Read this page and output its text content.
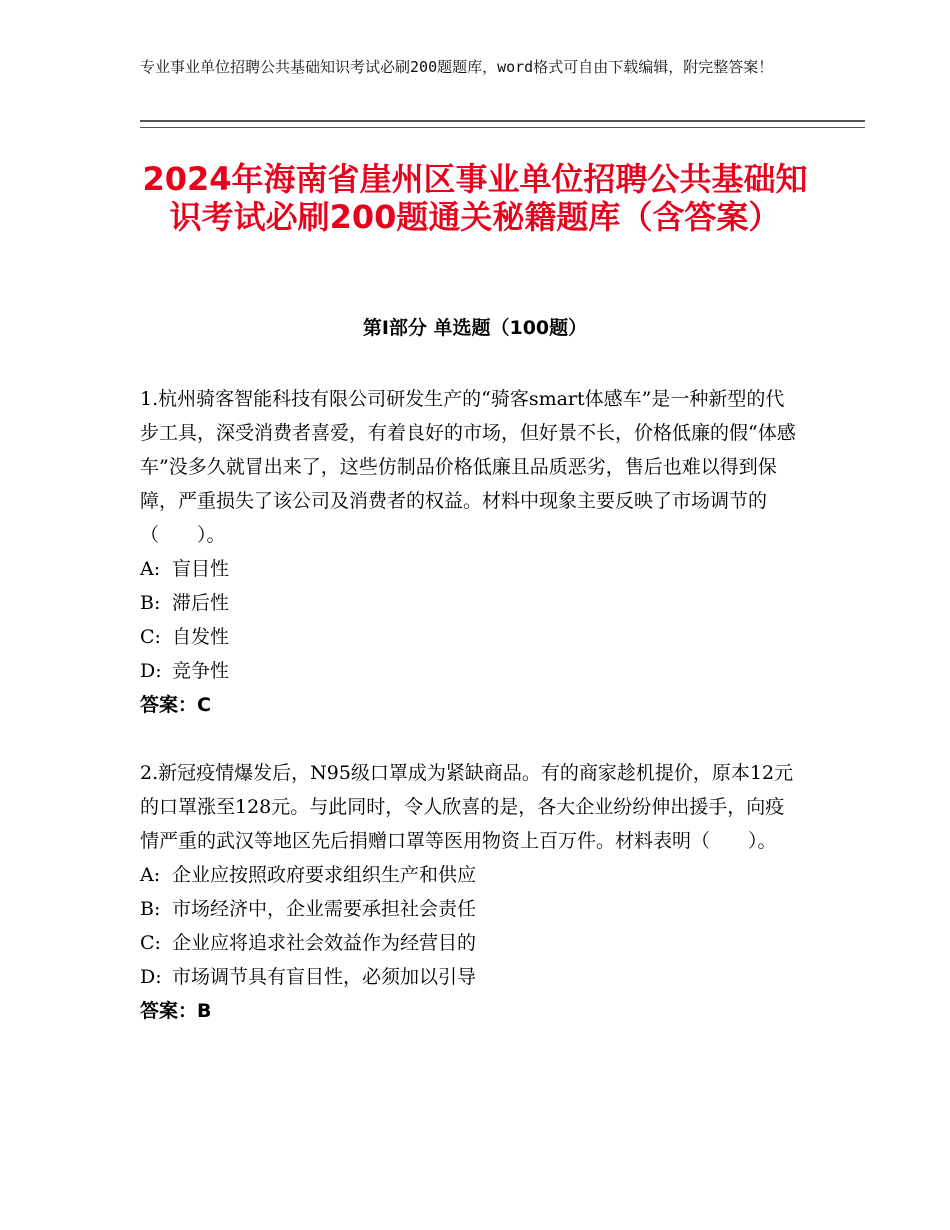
专业事业单位招聘公共基础知识考试必刷200题题库，word格式可自由下载编辑，附完整答案！
2024年海南省崖州区事业单位招聘公共基础知识考试必刷200题通关秘籍题库（含答案）
第Ⅰ部分 单选题（100题）

1.杭州骑客智能科技有限公司研发生产的“骑客smart体感车”是一种新型的代步工具，深受消费者喜爱，有着良好的市场，但好景不长，价格低廉的假“体感车”没多久就冒出来了，这些仿制品价格低廉且品质恶劣，售后也难以得到保障，严重损失了该公司及消费者的权益。材料中现象主要反映了市场调节的（　　）。

A: 盲目性
B: 滞后性
C: 自发性
D: 竞争性

答案：C

2.新冠疫情爆发后，N95级口罩成为紧缺商品。有的商家趁机提价，原本12元的口罩涨至128元。与此同时，令人欣喜的是，各大企业纷纷伸出援手，向疫情严重的武汉等地区先后捐赠口罩等医用物资上百万件。材料表明（　　）。

A: 企业应按照政府要求组织生产和供应
B: 市场经济中，企业需要承担社会责任
C: 企业应将追求社会效益作为经营目的
D: 市场调节具有盲目性，必须加以引导

答案：B
